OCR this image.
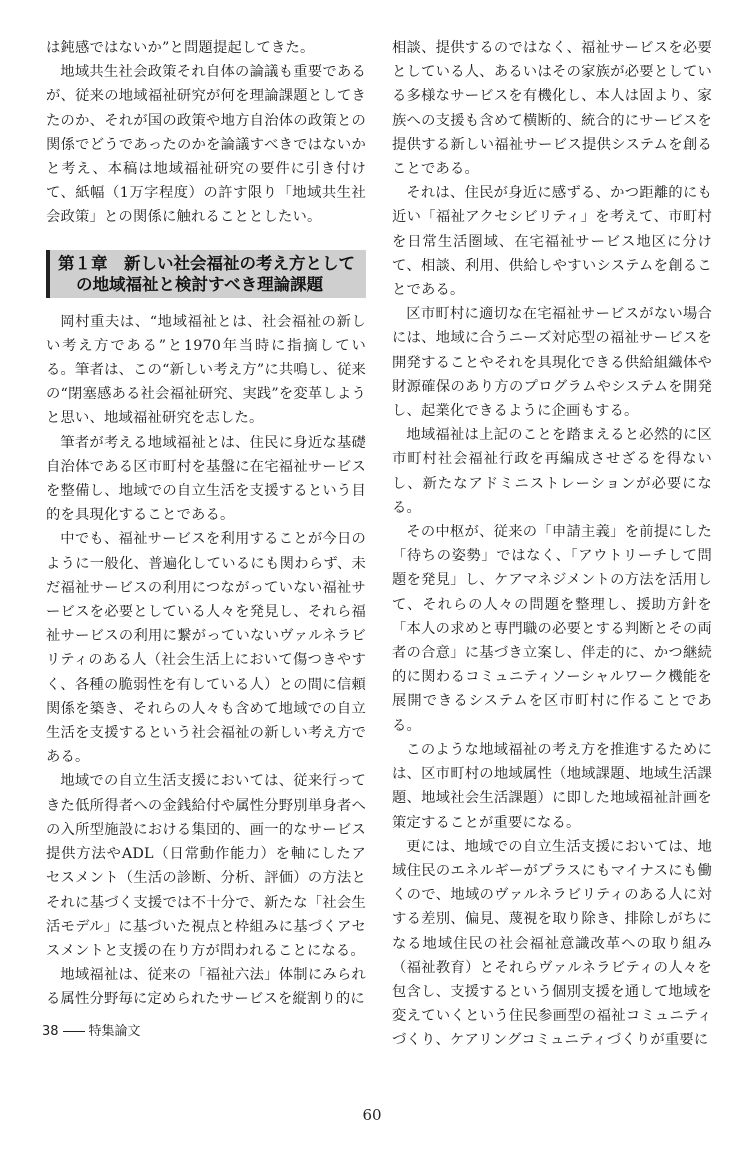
は鈍感ではないか”と問題提起してきた。

地域共生社会政策それ自体の論議も重要であるが、従来の地域福祉研究が何を理論課題としてきたのか、それが国の政策や地方自治体の政策との関係でどうであったのかを論議すべきではないかと考え、本稿は地域福祉研究の要件に引き付けて、紙幅（1万字程度）の許す限り「地域共生社会政策」との関係に触れることとしたい。

第１章　新しい社会福祉の考え方として
の地域福祉と検討すべき理論課題

岡村重夫は、“地域福祉とは、社会福祉の新しい考え方である”と1970年当時に指摘している。筆者は、この“新しい考え方”に共鳴し、従来の“閉塞感ある社会福祉研究、実践”を変革しようと思い、地域福祉研究を志した。

筆者が考える地域福祉とは、住民に身近な基礎自治体である区市町村を基盤に在宅福祉サービスを整備し、地域での自立生活を支援するという目的を具現化することである。

中でも、福祉サービスを利用することが今日のように一般化、普遍化しているにも関わらず、未だ福祉サービスの利用につながっていない福祉サービスを必要としている人々を発見し、それら福祉サービスの利用に繋がっていないヴァルネラビリティのある人（社会生活上において傷つきやすく、各種の脆弱性を有している人）との間に信頼関係を築き、それらの人々も含めて地域での自立生活を支援するという社会福祉の新しい考え方である。

地域での自立生活支援においては、従来行ってきた低所得者への金銭給付や属性分野別単身者への入所型施設における集団的、画一的なサービス提供方法やADL（日常動作能力）を軸にしたアセスメント（生活の診断、分析、評価）の方法とそれに基づく支援では不十分で、新たな「社会生活モデル」に基づいた視点と枠組みに基づくアセスメントと支援の在り方が問われることになる。

地域福祉は、従来の「福祉六法」体制にみられる属性分野毎に定められたサービスを縦割り的に

相談、提供するのではなく、福祉サービスを必要としている人、あるいはその家族が必要としている多様なサービスを有機化し、本人は固より、家族への支援も含めて横断的、統合的にサービスを提供する新しい福祉サービス提供システムを創ることである。

それは、住民が身近に感ずる、かつ距離的にも近い「福祉アクセシビリティ」を考えて、市町村を日常生活圏域、在宅福祉サービス地区に分けて、相談、利用、供給しやすいシステムを創ることである。

区市町村に適切な在宅福祉サービスがない場合には、地域に合うニーズ対応型の福祉サービスを開発することやそれを具現化できる供給組織体や財源確保のあり方のプログラムやシステムを開発し、起業化できるように企画もする。

地域福祉は上記のことを踏まえると必然的に区市町村社会福祉行政を再編成させざるを得ないし、新たなアドミニストレーションが必要になる。

その中枢が、従来の「申請主義」を前提にした「待ちの姿勢」ではなく、「アウトリーチして問題を発見」し、ケアマネジメントの方法を活用して、それらの人々の問題を整理し、援助方針を「本人の求めと専門職の必要とする判断とその両者の合意」に基づき立案し、伴走的に、かつ継続的に関わるコミュニティソーシャルワーク機能を展開できるシステムを区市町村に作ることである。

このような地域福祉の考え方を推進するためには、区市町村の地域属性（地域課題、地域生活課題、地域社会生活課題）に即した地域福祉計画を策定することが重要になる。

更には、地域での自立生活支援においては、地域住民のエネルギーがプラスにもマイナスにも働くので、地域のヴァルネラビリティのある人に対する差別、偏見、蔑視を取り除き、排除しがちになる地域住民の社会福祉意識改革への取り組み（福祉教育）とそれらヴァルネラビティの人々を包含し、支援するという個別支援を通して地域を変えていくという住民参画型の福祉コミュニティづくり、ケアリングコミュニティづくりが重要に

38 特集論文
60
